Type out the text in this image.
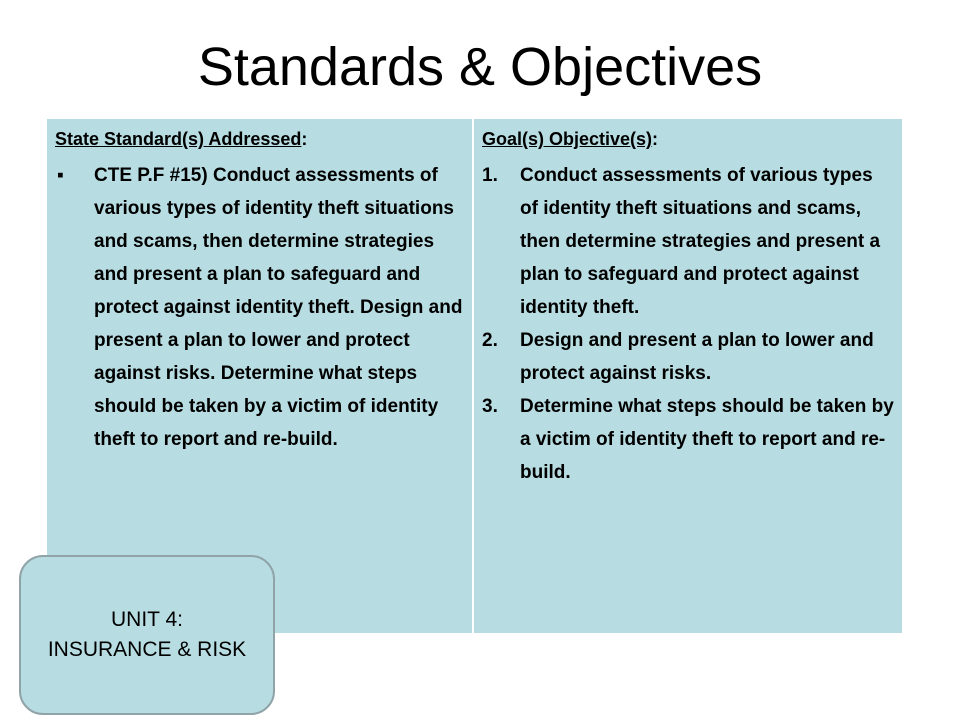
Standards & Objectives
State Standard(s) Addressed:
▪	CTE P.F #15) Conduct assessments of various types of identity theft situations and scams, then determine strategies and present a plan to safeguard and protect against identity theft. Design and present a plan to lower and protect against risks. Determine what steps should be taken by a victim of identity theft to report and re-build.
Goal(s) Objective(s):
1.	Conduct assessments of various types of identity theft situations and scams, then determine strategies and present a plan to safeguard and protect against identity theft.
2.	Design and present a plan to lower and protect against risks.
3.	Determine what steps should be taken by a victim of identity theft to report and re-build.
UNIT 4: INSURANCE & RISK
